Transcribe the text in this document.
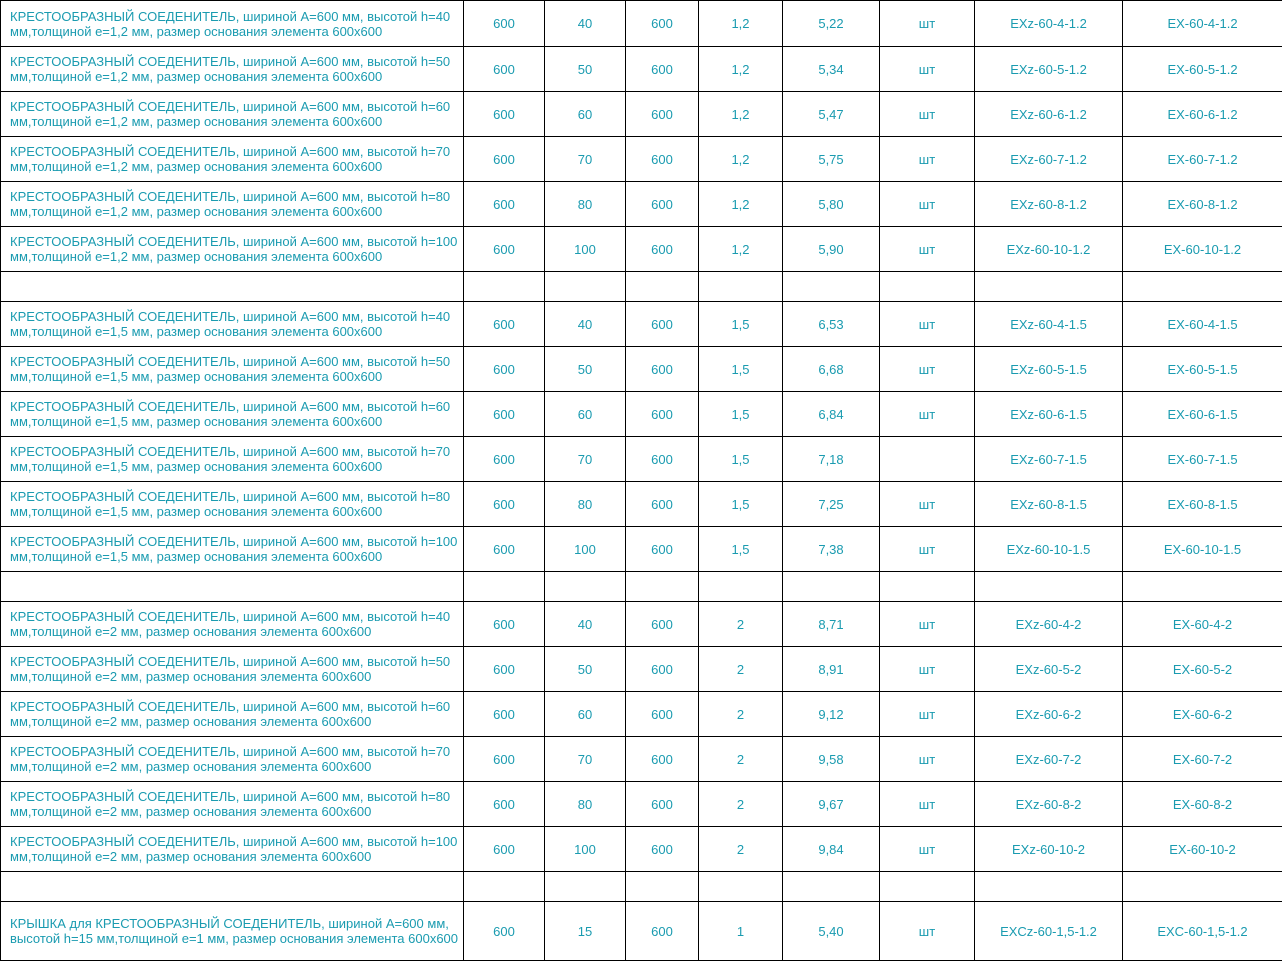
КРЕСТООБРАЗНЫЙ СОЕДЕНИТЕЛЬ, шириной А=600 мм, высотой h=40 мм,толщиной е=1,2 мм, размер основания элемента 600х600	600	40	600	1,2	5,22	шт	EXz-60-4-1.2	EX-60-4-1.2
КРЕСТООБРАЗНЫЙ СОЕДЕНИТЕЛЬ, шириной А=600 мм, высотой h=50 мм,толщиной е=1,2 мм, размер основания элемента 600х600	600	50	600	1,2	5,34	шт	EXz-60-5-1.2	EX-60-5-1.2
КРЕСТООБРАЗНЫЙ СОЕДЕНИТЕЛЬ, шириной А=600 мм, высотой h=60 мм,толщиной е=1,2 мм, размер основания элемента 600х600	600	60	600	1,2	5,47	шт	EXz-60-6-1.2	EX-60-6-1.2
КРЕСТООБРАЗНЫЙ СОЕДЕНИТЕЛЬ, шириной А=600 мм, высотой h=70 мм,толщиной е=1,2 мм, размер основания элемента 600х600	600	70	600	1,2	5,75	шт	EXz-60-7-1.2	EX-60-7-1.2
КРЕСТООБРАЗНЫЙ СОЕДЕНИТЕЛЬ, шириной А=600 мм, высотой h=80 мм,толщиной е=1,2 мм, размер основания элемента 600х600	600	80	600	1,2	5,80	шт	EXz-60-8-1.2	EX-60-8-1.2
КРЕСТООБРАЗНЫЙ СОЕДЕНИТЕЛЬ, шириной А=600 мм, высотой h=100 мм,толщиной е=1,2 мм, размер основания элемента 600х600	600	100	600	1,2	5,90	шт	EXz-60-10-1.2	EX-60-10-1.2

КРЕСТООБРАЗНЫЙ СОЕДЕНИТЕЛЬ, шириной А=600 мм, высотой h=40 мм,толщиной е=1,5 мм, размер основания элемента 600х600	600	40	600	1,5	6,53	шт	EXz-60-4-1.5	EX-60-4-1.5
КРЕСТООБРАЗНЫЙ СОЕДЕНИТЕЛЬ, шириной А=600 мм, высотой h=50 мм,толщиной е=1,5 мм, размер основания элемента 600х600	600	50	600	1,5	6,68	шт	EXz-60-5-1.5	EX-60-5-1.5
КРЕСТООБРАЗНЫЙ СОЕДЕНИТЕЛЬ, шириной А=600 мм, высотой h=60 мм,толщиной е=1,5 мм, размер основания элемента 600х600	600	60	600	1,5	6,84	шт	EXz-60-6-1.5	EX-60-6-1.5
КРЕСТООБРАЗНЫЙ СОЕДЕНИТЕЛЬ, шириной А=600 мм, высотой h=70 мм,толщиной е=1,5 мм, размер основания элемента 600х600	600	70	600	1,5	7,18		EXz-60-7-1.5	EX-60-7-1.5
КРЕСТООБРАЗНЫЙ СОЕДЕНИТЕЛЬ, шириной А=600 мм, высотой h=80 мм,толщиной е=1,5 мм, размер основания элемента 600х600	600	80	600	1,5	7,25	шт	EXz-60-8-1.5	EX-60-8-1.5
КРЕСТООБРАЗНЫЙ СОЕДЕНИТЕЛЬ, шириной А=600 мм, высотой h=100 мм,толщиной е=1,5 мм, размер основания элемента 600х600	600	100	600	1,5	7,38	шт	EXz-60-10-1.5	EX-60-10-1.5

КРЕСТООБРАЗНЫЙ СОЕДЕНИТЕЛЬ, шириной А=600 мм, высотой h=40 мм,толщиной е=2 мм, размер основания элемента 600х600	600	40	600	2	8,71	шт	EXz-60-4-2	EX-60-4-2
КРЕСТООБРАЗНЫЙ СОЕДЕНИТЕЛЬ, шириной А=600 мм, высотой h=50 мм,толщиной е=2 мм, размер основания элемента 600х600	600	50	600	2	8,91	шт	EXz-60-5-2	EX-60-5-2
КРЕСТООБРАЗНЫЙ СОЕДЕНИТЕЛЬ, шириной А=600 мм, высотой h=60 мм,толщиной е=2 мм, размер основания элемента 600х600	600	60	600	2	9,12	шт	EXz-60-6-2	EX-60-6-2
КРЕСТООБРАЗНЫЙ СОЕДЕНИТЕЛЬ, шириной А=600 мм, высотой h=70 мм,толщиной е=2 мм, размер основания элемента 600х600	600	70	600	2	9,58	шт	EXz-60-7-2	EX-60-7-2
КРЕСТООБРАЗНЫЙ СОЕДЕНИТЕЛЬ, шириной А=600 мм, высотой h=80 мм,толщиной е=2 мм, размер основания элемента 600х600	600	80	600	2	9,67	шт	EXz-60-8-2	EX-60-8-2
КРЕСТООБРАЗНЫЙ СОЕДЕНИТЕЛЬ, шириной А=600 мм, высотой h=100 мм,толщиной е=2 мм, размер основания элемента 600х600	600	100	600	2	9,84	шт	EXz-60-10-2	EX-60-10-2

КРЫШКА для КРЕСТООБРАЗНЫЙ СОЕДЕНИТЕЛЬ, шириной А=600 мм, высотой h=15 мм,толщиной е=1 мм, размер основания элемента 600х600	600	15	600	1	5,40	шт	EXCz-60-1,5-1.2	EXC-60-1,5-1.2
